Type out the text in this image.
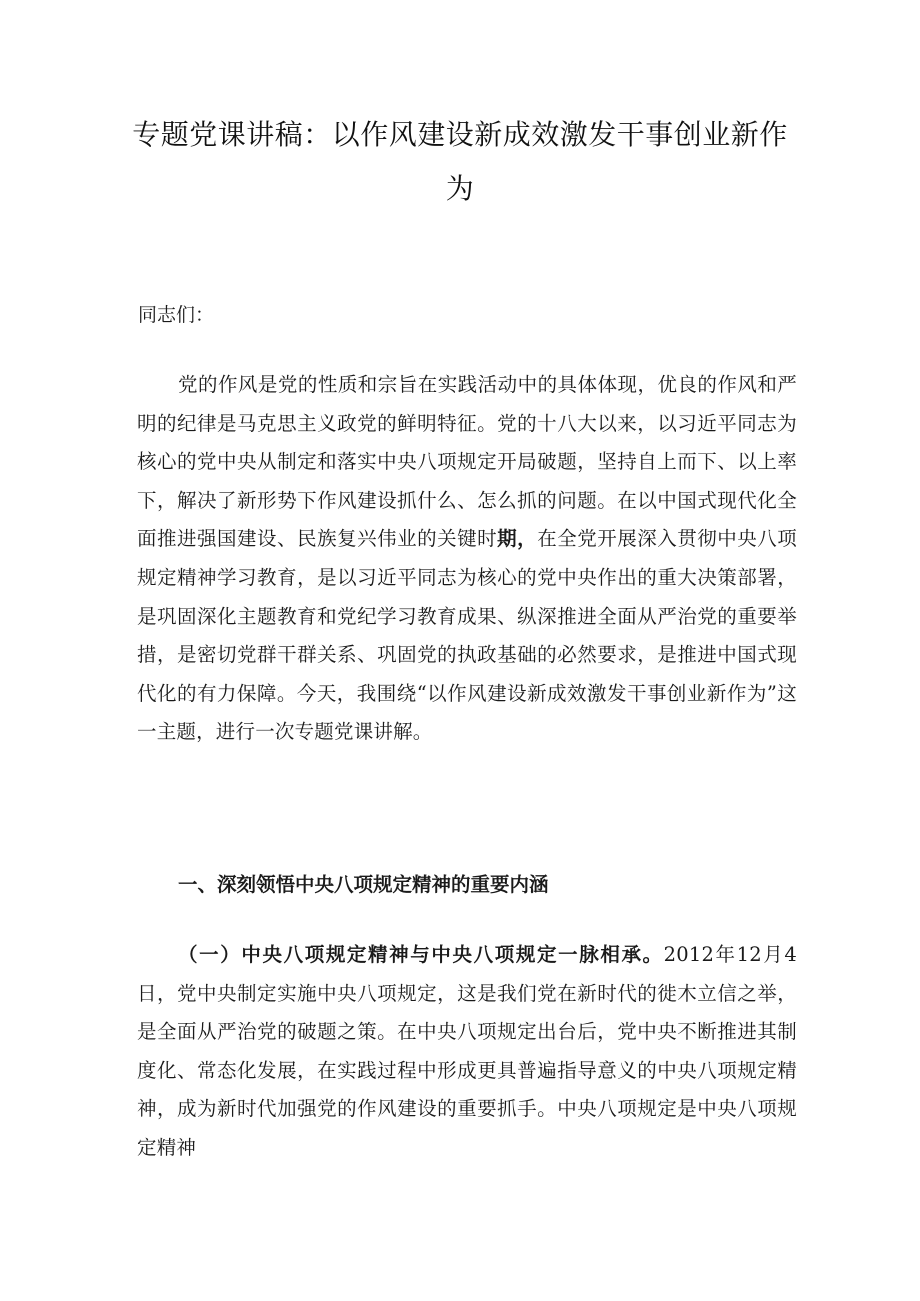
专题党课讲稿：以作风建设新成效激发干事创业新作为

同志们：

党的作风是党的性质和宗旨在实践活动中的具体体现，优良的作风和严明的纪律是马克思主义政党的鲜明特征。党的十八大以来，以习近平同志为核心的党中央从制定和落实中央八项规定开局破题，坚持自上而下、以上率下，解决了新形势下作风建设抓什么、怎么抓的问题。在以中国式现代化全面推进强国建设、民族复兴伟业的关键时期，在全党开展深入贯彻中央八项规定精神学习教育，是以习近平同志为核心的党中央作出的重大决策部署，是巩固深化主题教育和党纪学习教育成果、纵深推进全面从严治党的重要举措，是密切党群干群关系、巩固党的执政基础的必然要求，是推进中国式现代化的有力保障。今天，我围绕“以作风建设新成效激发干事创业新作为”这一主题，进行一次专题党课讲解。

一、深刻领悟中央八项规定精神的重要内涵

（一）中央八项规定精神与中央八项规定一脉相承。2012年12月4日，党中央制定实施中央八项规定，这是我们党在新时代的徙木立信之举，是全面从严治党的破题之策。在中央八项规定出台后，党中央不断推进其制度化、常态化发展，在实践过程中形成更具普遍指导意义的中央八项规定精神，成为新时代加强党的作风建设的重要抓手。中央八项规定是中央八项规定精神
